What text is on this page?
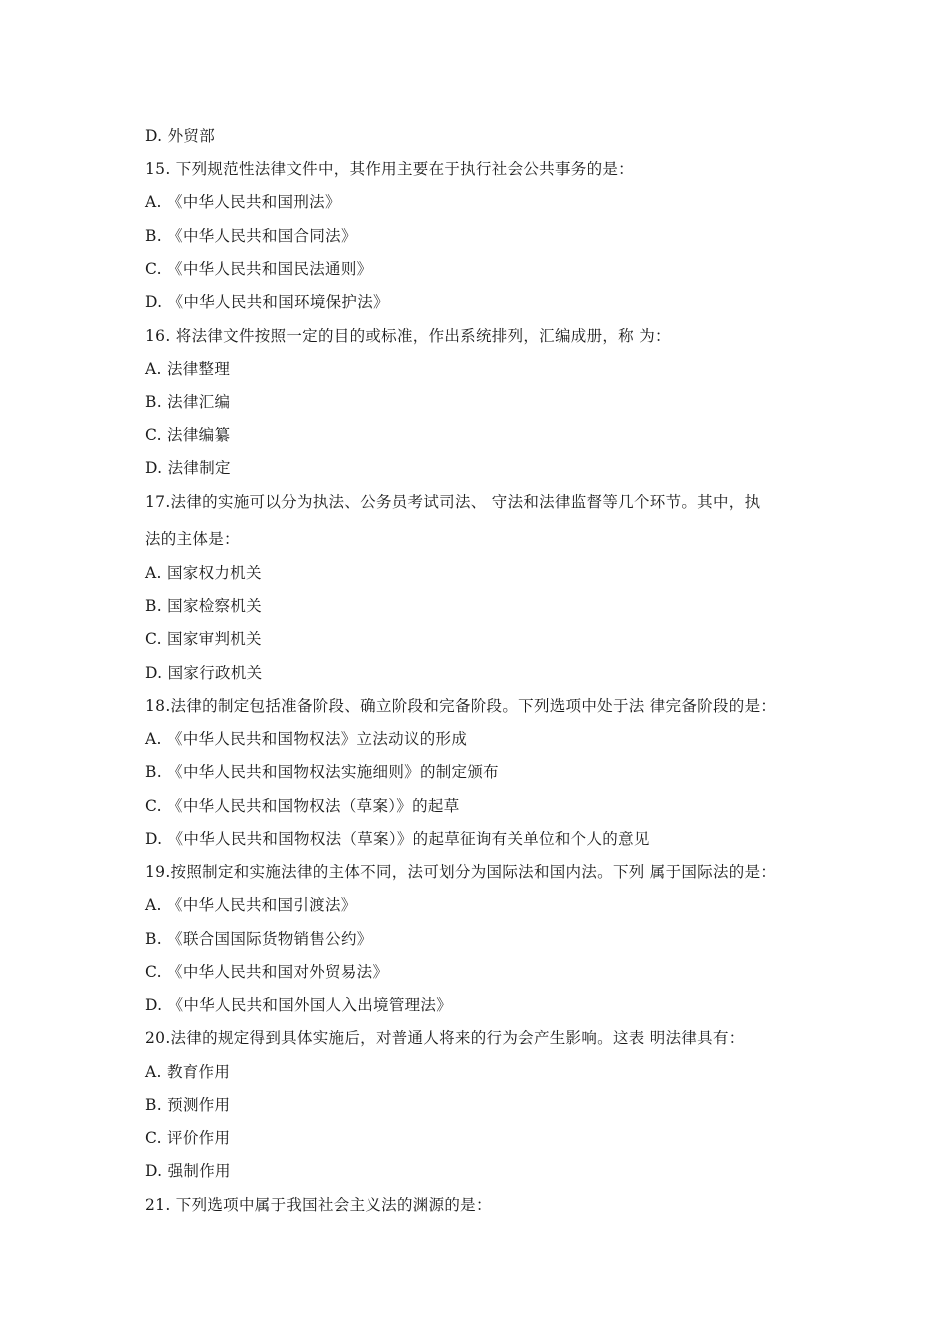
D. 外贸部
15. 下列规范性法律文件中，其作用主要在于执行社会公共事务的是：
A. 《中华人民共和国刑法》
B. 《中华人民共和国合同法》
C. 《中华人民共和国民法通则》
D. 《中华人民共和国环境保护法》
16. 将法律文件按照一定的目的或标准，作出系统排列，汇编成册，称 为：
A. 法律整理
B. 法律汇编
C. 法律编纂
D. 法律制定
17.法律的实施可以分为执法、公务员考试司法、 守法和法律监督等几个环节。其中，执
法的主体是：
A. 国家权力机关
B. 国家检察机关
C. 国家审判机关
D. 国家行政机关
18.法律的制定包括准备阶段、确立阶段和完备阶段。下列选项中处于法 律完备阶段的是：
A. 《中华人民共和国物权法》立法动议的形成
B. 《中华人民共和国物权法实施细则》的制定颁布
C. 《中华人民共和国物权法（草案）》的起草
D. 《中华人民共和国物权法（草案）》的起草征询有关单位和个人的意见
19.按照制定和实施法律的主体不同，法可划分为国际法和国内法。下列 属于国际法的是：
A. 《中华人民共和国引渡法》
B. 《联合国国际货物销售公约》
C. 《中华人民共和国对外贸易法》
D. 《中华人民共和国外国人入出境管理法》
20.法律的规定得到具体实施后，对普通人将来的行为会产生影响。这表 明法律具有：
A. 教育作用
B. 预测作用
C. 评价作用
D. 强制作用
21. 下列选项中属于我国社会主义法的渊源的是：
